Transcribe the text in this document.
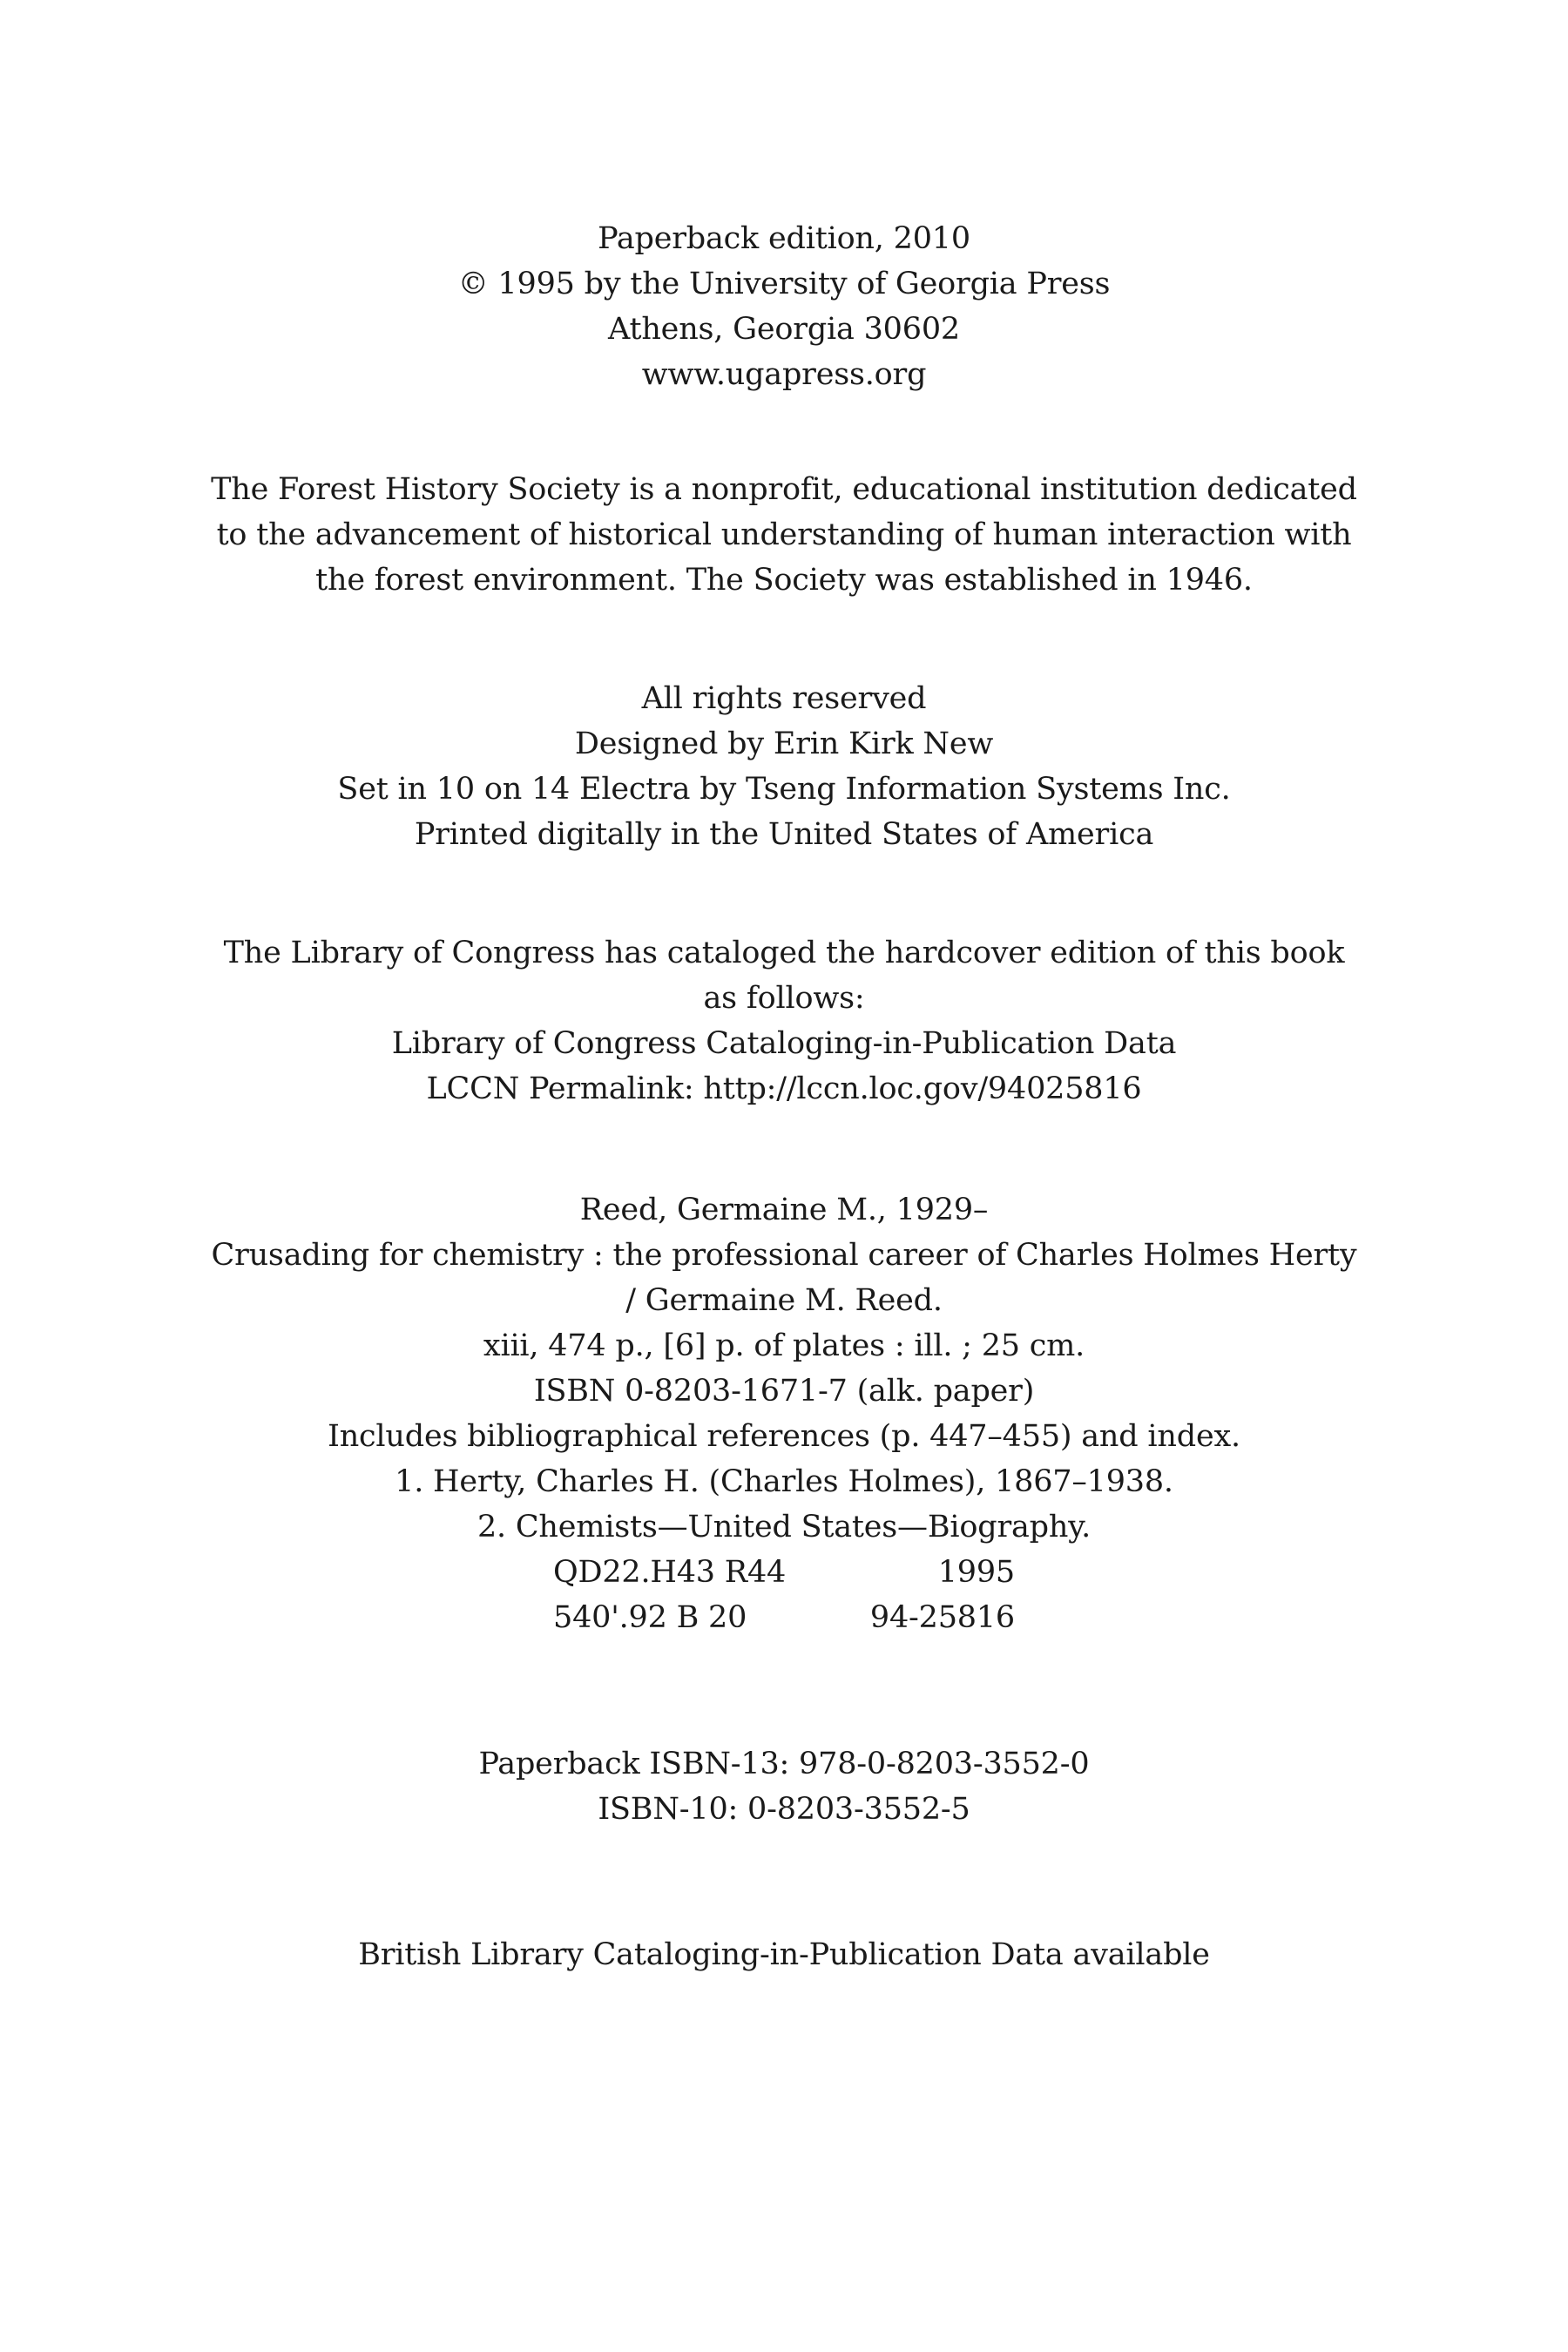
Paperback edition, 2010

© 1995 by the University of Georgia Press

Athens, Georgia 30602

www.ugapress.org

The Forest History Society is a nonprofit, educational institution dedicated

to the advancement of historical understanding of human interaction with

the forest environment. The Society was established in 1946.

All rights reserved

Designed by Erin Kirk New

Set in 10 on 14 Electra by Tseng Information Systems Inc.

Printed digitally in the United States of America

The Library of Congress has cataloged the hardcover edition of this book

as follows:

Library of Congress Cataloging-in-Publication Data

LCCN Permalink: http://lccn.loc.gov/94025816

Reed, Germaine M., 1929–

Crusading for chemistry : the professional career of Charles Holmes Herty

/ Germaine M. Reed.

xiii, 474 p., [6] p. of plates : ill. ; 25 cm.

ISBN 0-8203-1671-7 (alk. paper)

Includes bibliographical references (p. 447–455) and index.

1. Herty, Charles H. (Charles Holmes), 1867–1938.

2. Chemists—United States—Biography.

QD22.H43 R44	1995
540'.92 B 20	94-25816

Paperback ISBN-13: 978-0-8203-3552-0

ISBN-10: 0-8203-3552-5

British Library Cataloging-in-Publication Data available
